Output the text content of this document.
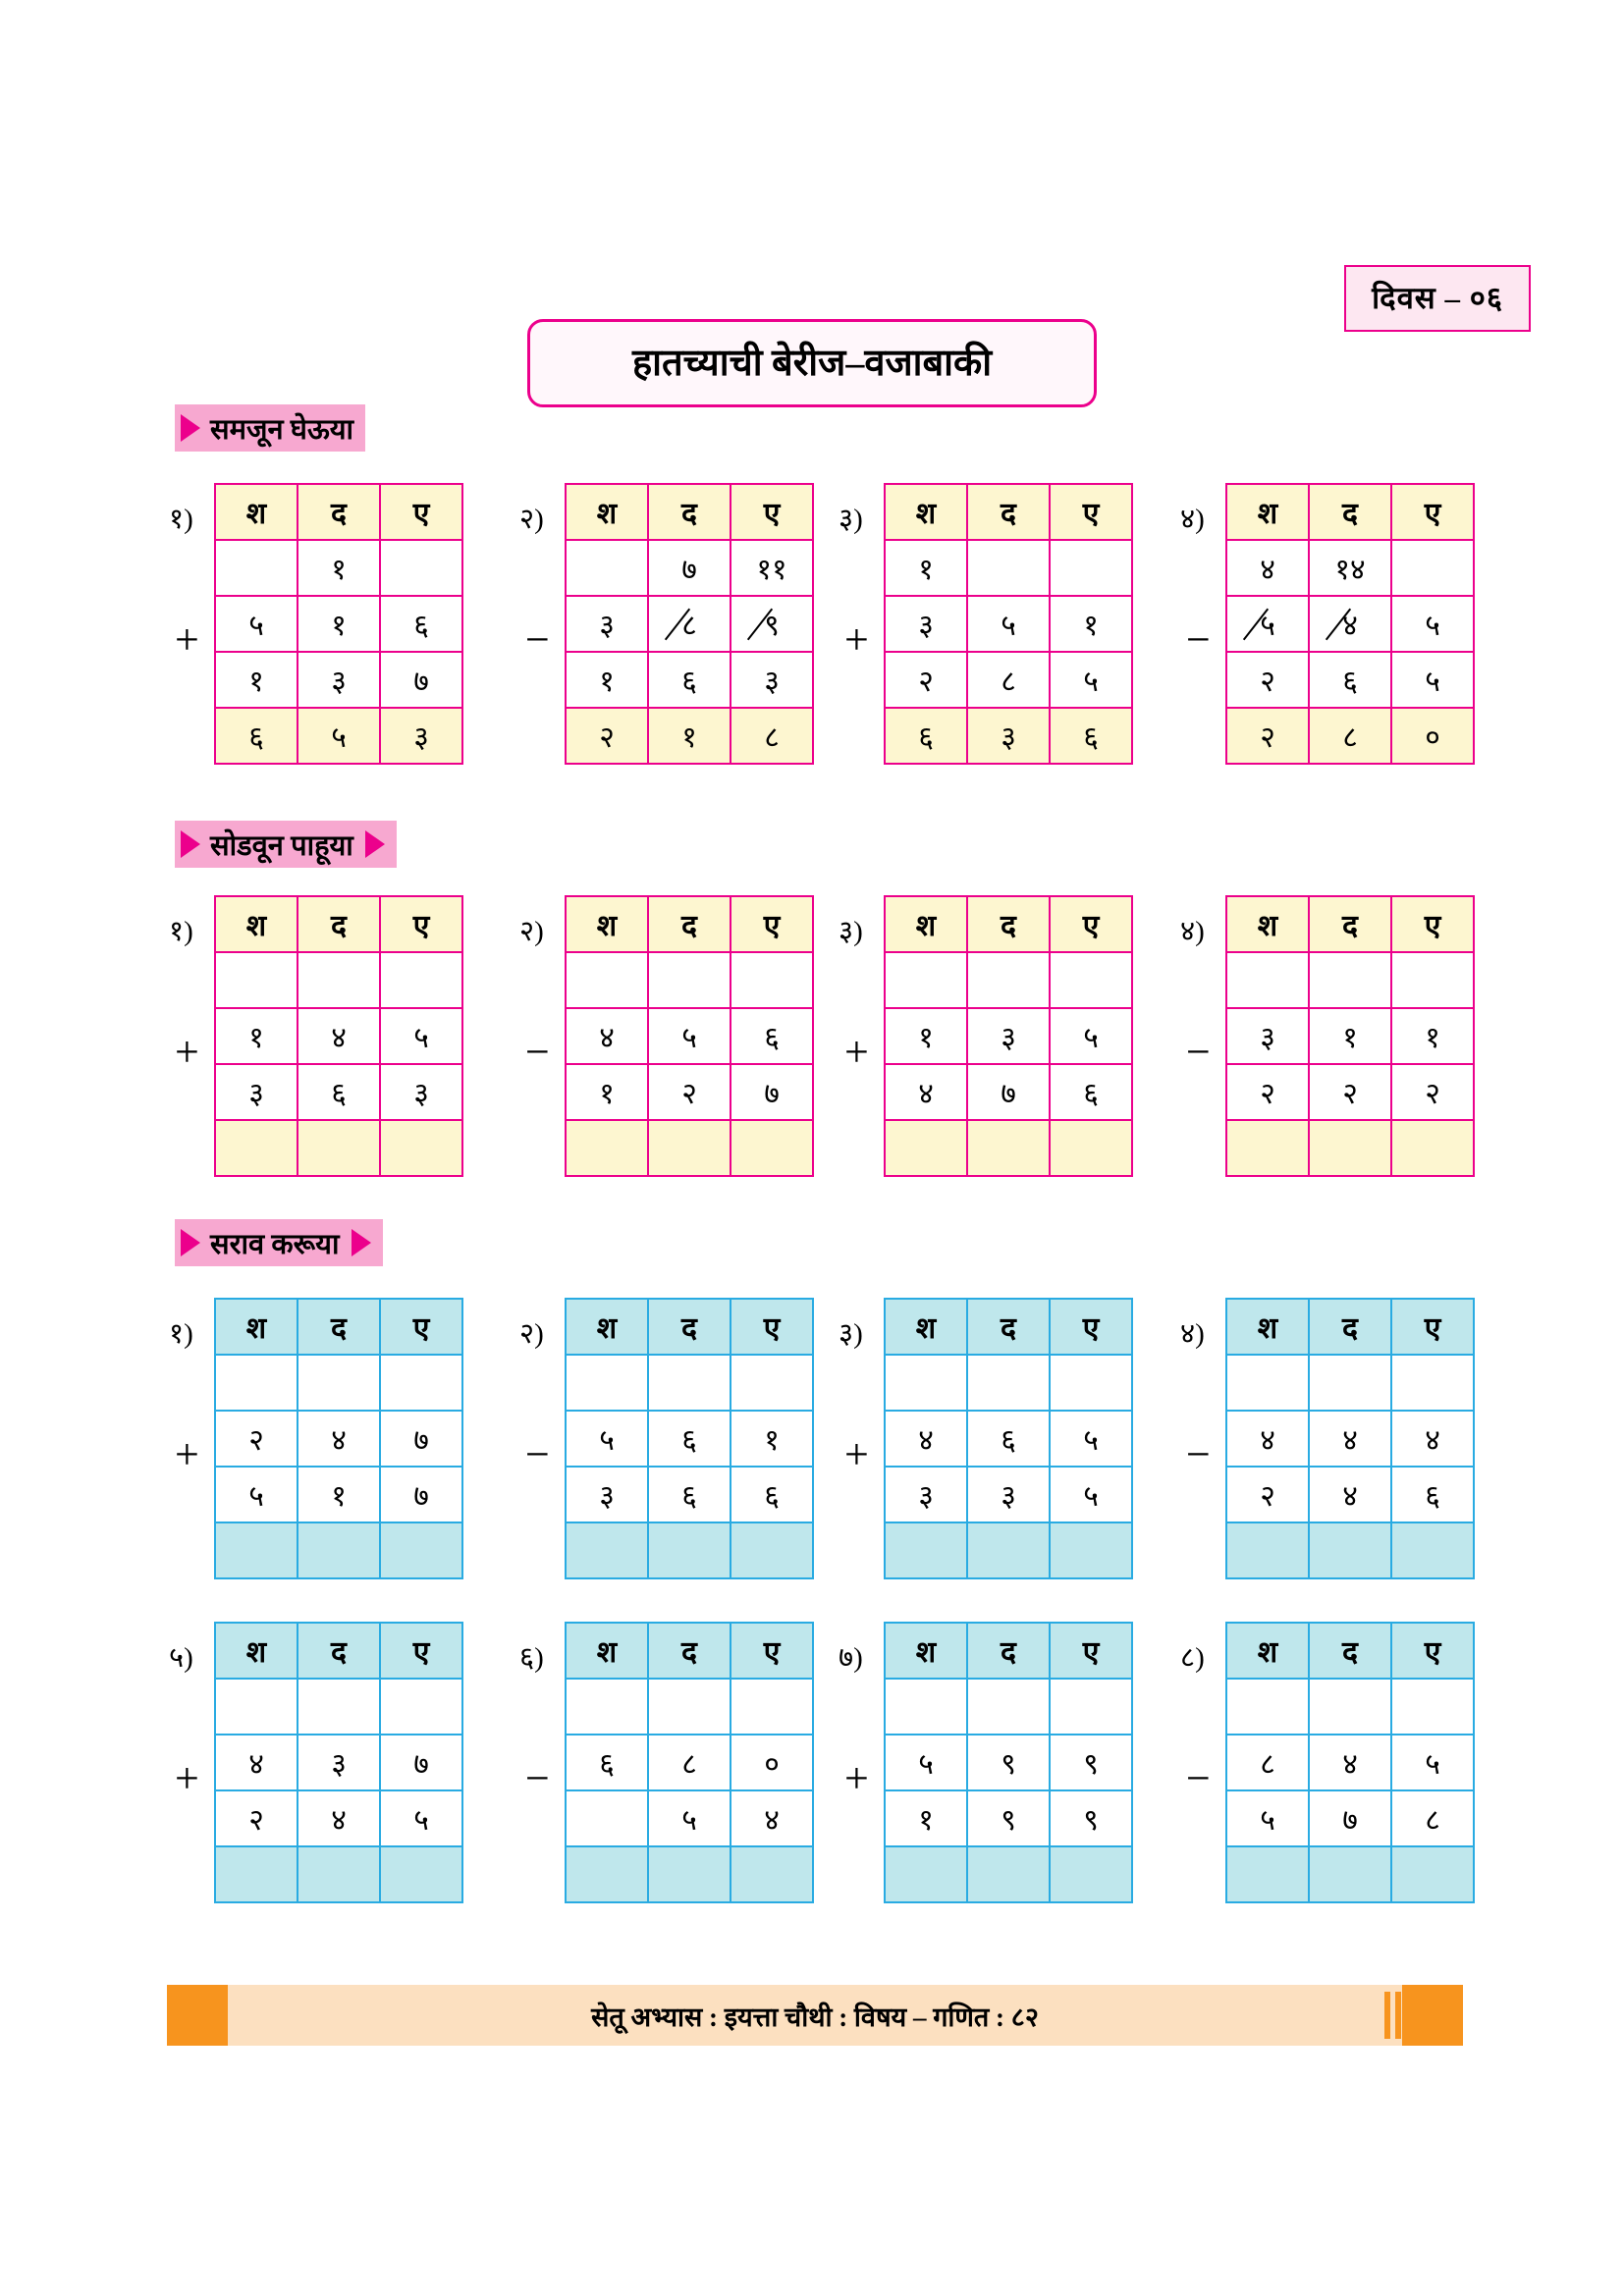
दिवस – ०६
हातच्याची बेरीज–वजाबाकी
समजून घेऊया
सोडवून पाहूया
सराव करूया
१)
+
श	द	ए
	१	
५	१	६
१	३	७
६	५	३
२)
−
श	द	ए
	७	११
३	८	९
१	६	३
२	१	८
३)
+
श	द	ए
१		
३	५	१
२	८	५
६	३	६
४)
−
श	द	ए
४	१४	
५	४	५
२	६	५
२	८	०
१)
+
श	द	ए

१	४	५
३	६	३

२)
−
श	द	ए

४	५	६
१	२	७

३)
+
श	द	ए

१	३	५
४	७	६

४)
−
श	द	ए

३	१	१
२	२	२

१)
+
श	द	ए

२	४	७
५	१	७

२)
−
श	द	ए

५	६	१
३	६	६

३)
+
श	द	ए

४	६	५
३	३	५

४)
−
श	द	ए

४	४	४
२	४	६

५)
+
श	द	ए

४	३	७
२	४	५

६)
−
श	द	ए

६	८	०
	५	४

७)
+
श	द	ए

५	९	९
१	९	९

८)
−
श	द	ए

८	४	५
५	७	८

सेतू अभ्यास : इयत्ता चौथी : विषय – गणित : ८२
